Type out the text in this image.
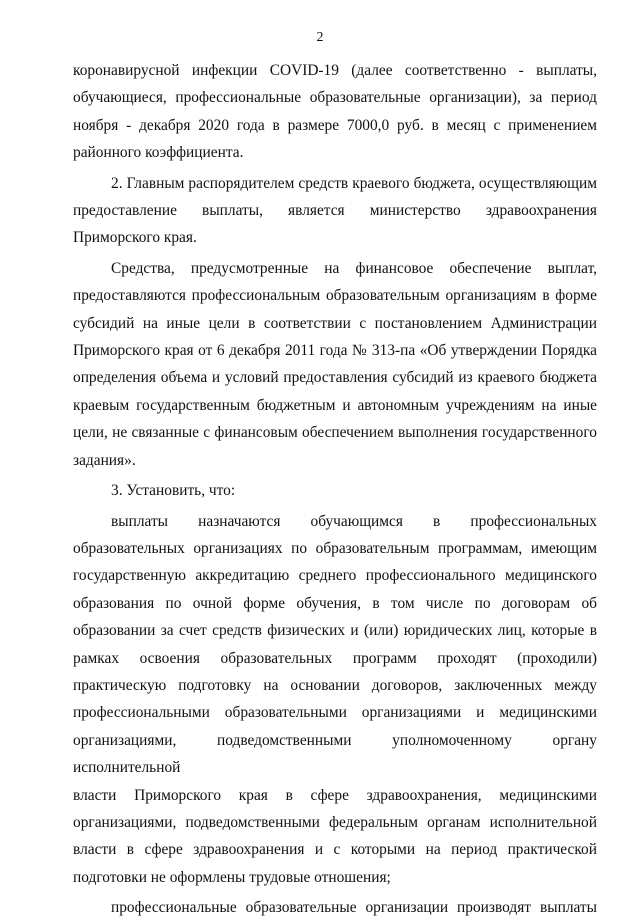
2

коронавирусной инфекции COVID-19 (далее соответственно - выплаты,

обучающиеся, профессиональные образовательные организации), за период

ноября - декабря 2020 года в размере 7000,0 руб. в месяц с применением

районного коэффициента.

2. Главным распорядителем средств краевого бюджета, осуществляющим

предоставление выплаты, является министерство здравоохранения

Приморского края.

Средства, предусмотренные на финансовое обеспечение выплат,

предоставляются профессиональным образовательным организациям в форме

субсидий на иные цели в соответствии с постановлением Администрации

Приморского края от 6 декабря 2011 года № 313-па «Об утверждении Порядка

определения объема и условий предоставления субсидий из краевого бюджета

краевым государственным бюджетным и автономным учреждениям на иные

цели, не связанные с финансовым обеспечением выполнения государственного

задания».

3. Установить, что:

выплаты назначаются обучающимся в профессиональных

образовательных организациях по образовательным программам, имеющим

государственную аккредитацию среднего профессионального медицинского

образования по очной форме обучения, в том числе по договорам об

образовании за счет средств физических и (или) юридических лиц, которые в

рамках освоения образовательных программ проходят (проходили)

практическую подготовку на основании договоров, заключенных между

профессиональными образовательными организациями и медицинскими

организациями, подведомственными уполномоченному органу исполнительной

власти Приморского края в сфере здравоохранения, медицинскими

организациями, подведомственными федеральным органам исполнительной

власти в сфере здравоохранения и с которыми на период практической

подготовки не оформлены трудовые отношения;

профессиональные образовательные организации производят выплаты
